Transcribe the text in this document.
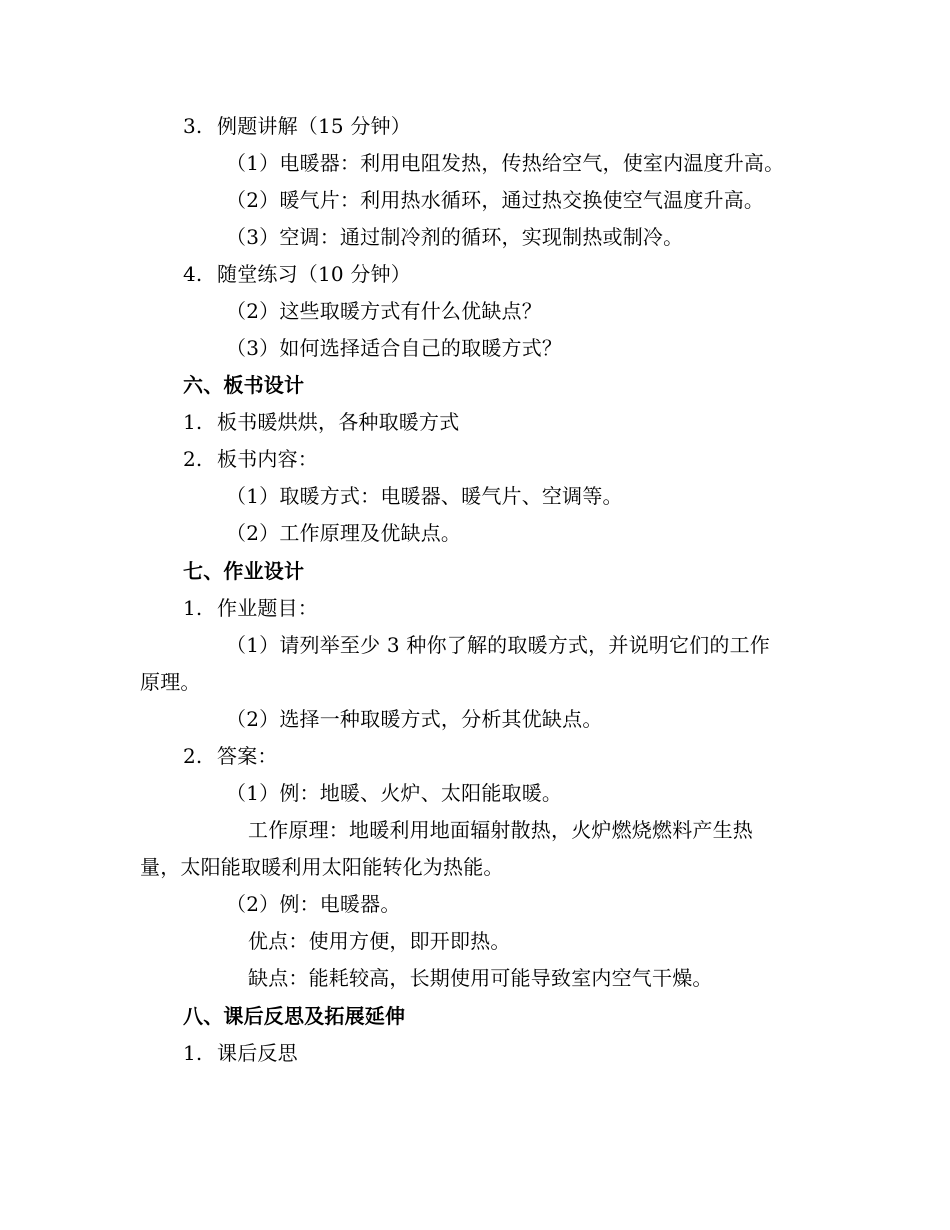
3. 例题讲解（15 分钟）
（1）电暖器：利用电阻发热，传热给空气，使室内温度升高。
（2）暖气片：利用热水循环，通过热交换使空气温度升高。
（3）空调：通过制冷剂的循环，实现制热或制冷。
4. 随堂练习（10 分钟）
（2）这些取暖方式有什么优缺点？
（3）如何选择适合自己的取暖方式？
六、板书设计
1. 板书暖烘烘，各种取暖方式
2. 板书内容：
（1）取暖方式：电暖器、暖气片、空调等。
（2）工作原理及优缺点。
七、作业设计
1. 作业题目：
（1）请列举至少 3 种你了解的取暖方式，并说明它们的工作
原理。
（2）选择一种取暖方式，分析其优缺点。
2. 答案：
（1）例：地暖、火炉、太阳能取暖。
工作原理：地暖利用地面辐射散热，火炉燃烧燃料产生热
量，太阳能取暖利用太阳能转化为热能。
（2）例：电暖器。
优点：使用方便，即开即热。
缺点：能耗较高，长期使用可能导致室内空气干燥。
八、课后反思及拓展延伸
1. 课后反思
